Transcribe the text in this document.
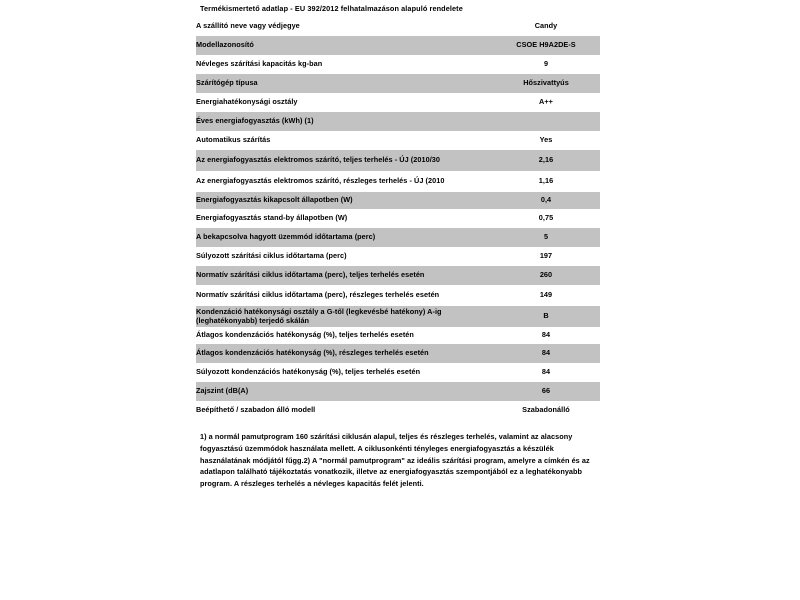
Termékismertető adatlap - EU 392/2012 felhatalmazáson alapuló rendelete
A szállító neve vagy védjegye	Candy
Modellazonosító	CSOE H9A2DE-S
Névleges szárítási kapacitás kg-ban	9
Szárítógép típusa	Hőszivattyús
Energiahatékonysági osztály	A++
Éves energiafogyasztás (kWh) (1)	
Automatikus szárítás	Yes
Az energiafogyasztás elektromos szárító, teljes terhelés - ÚJ (2010/30	2,16
Az energiafogyasztás elektromos szárító, részleges terhelés - ÚJ (2010	1,16
Energiafogyasztás kikapcsolt állapotben (W)	0,4
Energiafogyasztás stand-by állapotben (W)	0,75
A bekapcsolva hagyott üzemmód időtartama (perc)	5
Súlyozott szárítási ciklus időtartama (perc)	197
Normatív szárítási ciklus időtartama (perc), teljes terhelés esetén	260
Normatív szárítási ciklus időtartama (perc), részleges terhelés esetén	149
Kondenzáció hatékonysági osztály a G-től (legkevésbé hatékony) A-ig (leghatékonyabb) terjedő skálán	B
Átlagos kondenzációs hatékonyság (%), teljes terhelés esetén	84
Átlagos kondenzációs hatékonyság (%), részleges terhelés esetén	84
Súlyozott kondenzációs hatékonyság (%), teljes terhelés esetén	84
Zajszint (dB(A)	66
Beépíthető / szabadon álló modell	Szabadonálló
1) a normál pamutprogram 160 szárítási ciklusán alapul, teljes és részleges terhelés, valamint az alacsony fogyasztású üzemmódok használata mellett. A ciklusonkénti tényleges energiafogyasztás a készülék használatának módjától fűgg.2) A "normál pamutprogram" az ideális szárítási program, amelyre a címkén és az adatlapon található tájékoztatás vonatkozik, illetve az energiafogyasztás szempontjából ez a leghatékonyabb program. A részleges terhelés a névleges kapacitás felét jelenti.
